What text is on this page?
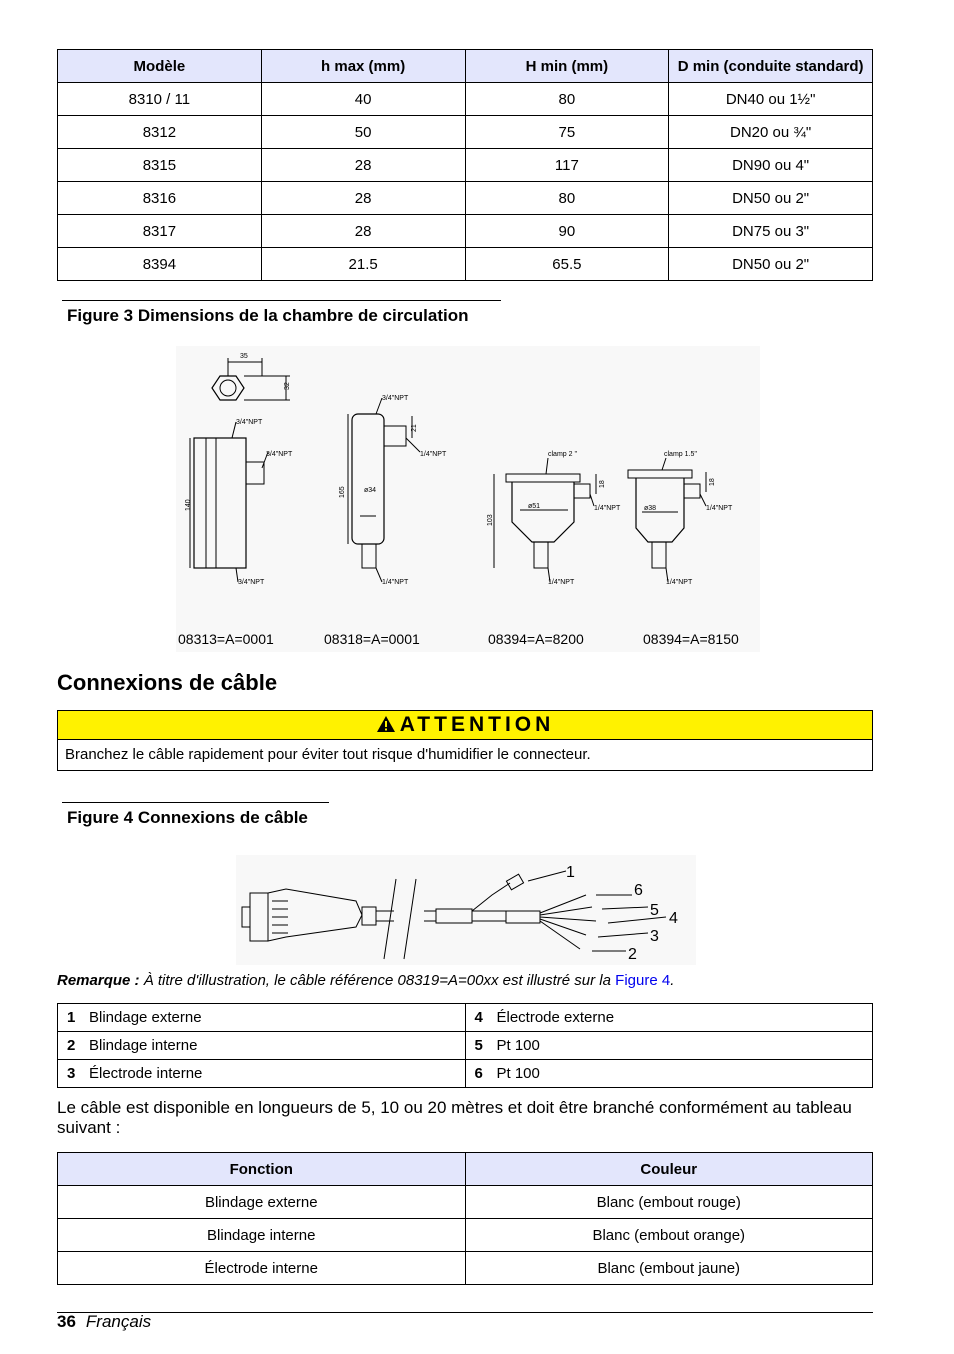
Modèle	h max (mm)	H min (mm)	D min (conduite standard)
8310 / 11	40	80	DN40 ou 1½"
8312	50	75	DN20 ou ¾"
8315	28	117	DN90 ou 4"
8316	28	80	DN50 ou 2"
8317	28	90	DN75 ou 3"
8394	21.5	65.5	DN50 ou 2"
Figure 3 Dimensions de la chambre de circulation
35
32
140
3/4"NPT
3/4"NPT
3/4"NPT
165
21
ø34
3/4"NPT
1/4"NPT
1/4"NPT
ø51
103
18
clamp 2 ''
1/4"NPT
1/4"NPT
ø38
18
clamp 1.5''
1/4"NPT
1/4"NPT
08313=A=0001	08318=A=0001	08394=A=8200	08394=A=8150
Connexions de câble
ATTENTION
Branchez le câble rapidement pour éviter tout risque d'humidifier le connecteur.
Figure 4 Connexions de câble
1
6
5 4
3
2
Remarque : À titre d'illustration, le câble référence 08319=A=00xx est illustré sur la Figure 4.
1 Blindage externe	4 Électrode externe
2 Blindage interne	5 Pt 100
3 Électrode interne	6 Pt 100

Le câble est disponible en longueurs de 5, 10 ou 20 mètres et doit être branché conformément au tableau suivant :

Fonction	Couleur
Blindage externe	Blanc (embout rouge)
Blindage interne	Blanc (embout orange)
Électrode interne	Blanc (embout jaune)
36 Français
